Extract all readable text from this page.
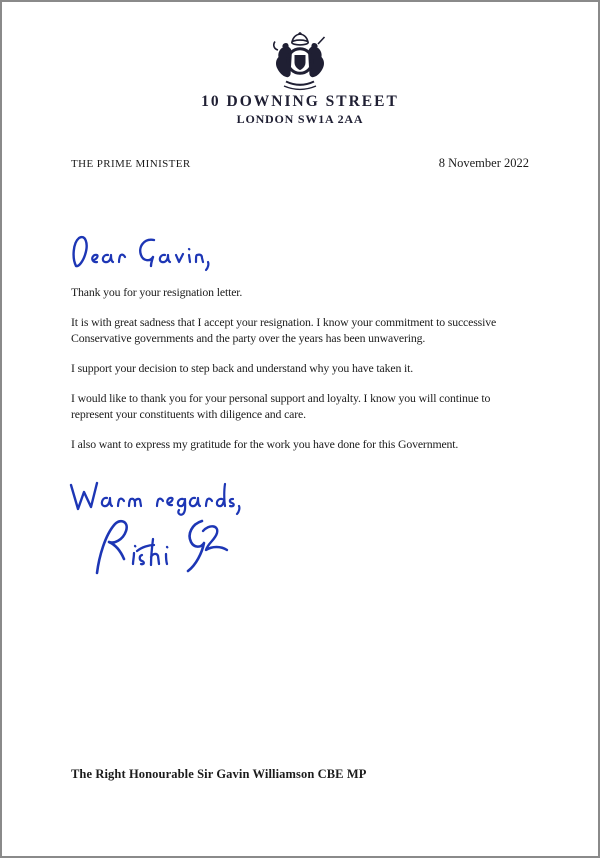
10 DOWNING STREET
LONDON SW1A 2AA
THE PRIME MINISTER	8 November 2022
Thank you for your resignation letter.
It is with great sadness that I accept your resignation. I know your commitment to successive
Conservative governments and the party over the years has been unwavering.
I support your decision to step back and understand why you have taken it.
I would like to thank you for your personal support and loyalty. I know you will continue to
represent your constituents with diligence and care.
I also want to express my gratitude for the work you have done for this Government.
The Right Honourable Sir Gavin Williamson CBE MP
